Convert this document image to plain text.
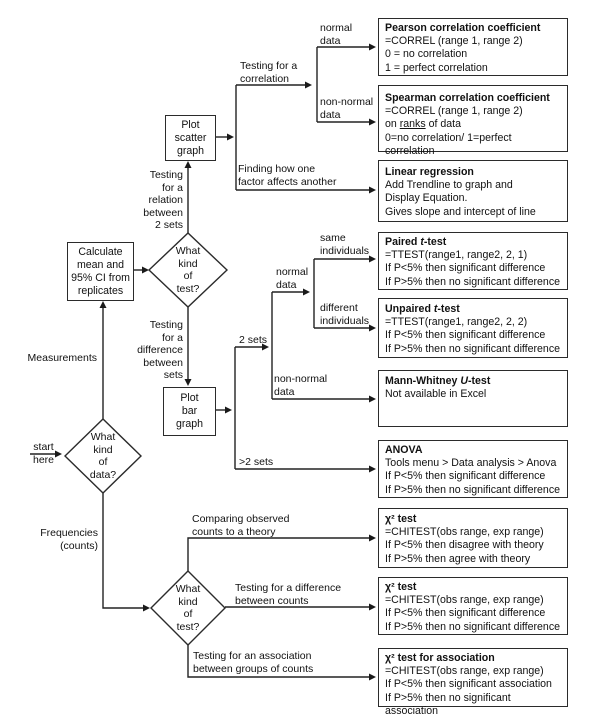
start
here
What
kind
of
test?
What
kind
of
data?
What
kind
of
test?
Calculate
mean and
95% CI from
replicates
Plot
scatter
graph
Plot
bar
graph
Measurements
Frequencies
(counts)
Testing
for a
relation
between
2 sets
Testing
for a
difference
between
sets
Testing for a
correlation
Finding how one
factor affects another
normal
data
non-normal
data
2 sets
>2 sets
normal
data
non-normal
data
same
individuals
different
individuals
Comparing observed
counts to a theory
Testing for a difference
between counts
Testing for an association
between groups of counts
Pearson correlation coefficient
=CORREL (range 1, range 2)
0 = no correlation
1 = perfect correlation
Spearman correlation coefficient
=CORREL (range 1, range 2)
on ranks of data
0=no correlation/ 1=perfect correlation
Linear regression
Add Trendline to graph and
Display Equation.
Gives slope and intercept of line
Paired t-test
=TTEST(range1, range2, 2, 1)
If P<5% then significant difference
If P>5% then no significant difference
Unpaired t-test
=TTEST(range1, range2, 2, 2)
If P<5% then significant difference
If P>5% then no significant difference
Mann-Whitney U-test
Not available in Excel
ANOVA
Tools menu > Data analysis > Anova
If P<5% then significant difference
If P>5% then no significant difference
χ² test
=CHITEST(obs range, exp range)
If P<5% then disagree with theory
If P>5% then agree with theory
χ² test
=CHITEST(obs range, exp range)
If P<5% then significant difference
If P>5% then no significant difference
χ² test for association
=CHITEST(obs range, exp range)
If P<5% then significant association
If P>5% then no significant association
